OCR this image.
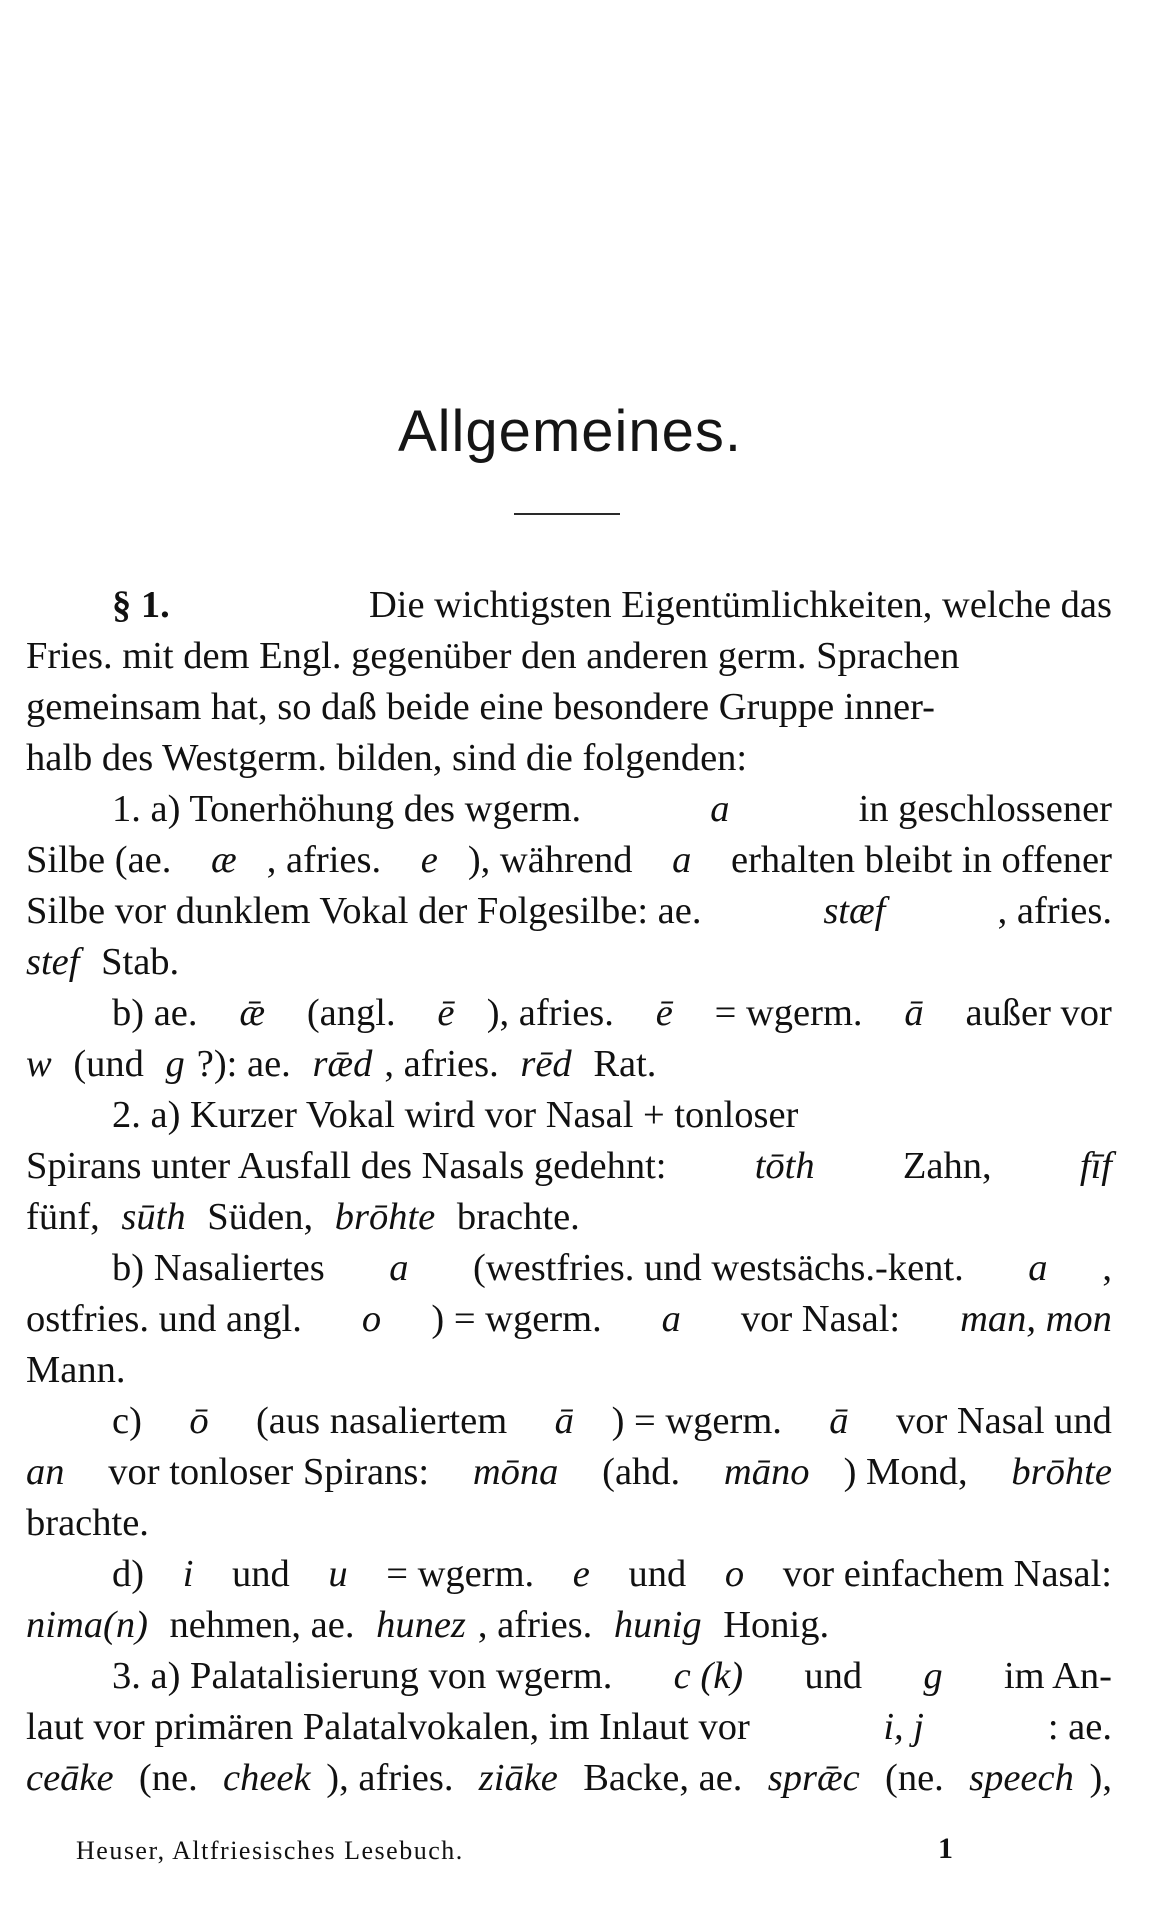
Allgemeines.
§ 1.	Die wichtigsten Eigentümlichkeiten, welche das
Fries. mit dem Engl. gegenüber den anderen germ. Sprachen
gemeinsam hat, so daß beide eine besondere Gruppe inner-
halb des Westgerm. bilden, sind die folgenden:
1. a) Tonerhöhung des wgerm.	a	in geschlossener
Silbe (ae. æ , afries. e ), während a erhalten bleibt in offener
Silbe vor dunklem Vokal der Folgesilbe: ae.	stæf	, afries.
stef Stab.
b) ae. ǣ (angl. ē ), afries. ē = wgerm. ā außer vor
w (und g ?): ae. rǣd , afries. rēd Rat.
2. a) Kurzer Vokal wird vor Nasal + tonloser
Spirans unter Ausfall des Nasals gedehnt: tōth Zahn, fīf
fünf, sūth Süden, brōhte brachte.
b) Nasaliertes a (westfries. und westsächs.-kent. a ,
ostfries. und angl. o ) = wgerm. a vor Nasal: man, mon
Mann.
c) ō (aus nasaliertem ā ) = wgerm. ā vor Nasal und
an vor tonloser Spirans: mōna (ahd. māno ) Mond, brōhte
brachte.
d) i und u = wgerm. e und o vor einfachem Nasal:
nima(n) nehmen, ae. hunez , afries. hunig Honig.
3. a) Palatalisierung von wgerm. c (k) und g im An-
laut vor primären Palatalvokalen, im Inlaut vor	i, j	: ae.
ceāke (ne. cheek ), afries. ziāke Backe, ae. sprǣc (ne. speech ),
Heuser, Altfriesisches Lesebuch.	1
